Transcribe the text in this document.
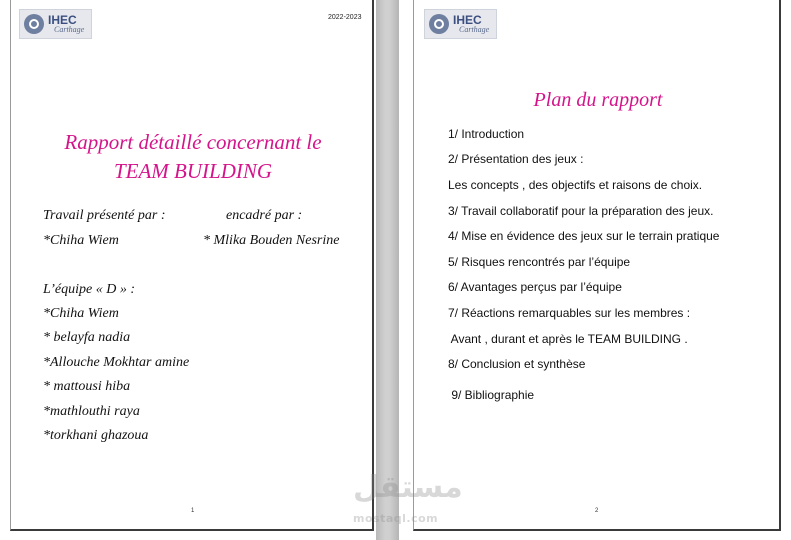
IHEC
Carthage
2022-2023
Rapport détaillé concernant le
TEAM BUILDING
Travail présenté par :	encadré par :
*Chiha Wiem	* Mlika Bouden Nesrine
L’équipe « D » :
*Chiha Wiem
* belayfa nadia
*Allouche Mokhtar amine
* mattousi hiba
*mathlouthi raya
*torkhani ghazoua
1
IHEC
Carthage
Plan du rapport
1/ Introduction
2/ Présentation des jeux :
Les concepts , des objectifs et raisons de choix.
3/ Travail collaboratif pour la préparation des jeux.
4/ Mise en évidence des jeux sur le terrain pratique
5/ Risques rencontrés par l’équipe
6/ Avantages perçus par l’équipe
7/ Réactions remarquables sur les membres :
Avant , durant et après le TEAM BUILDING .
8/ Conclusion et synthèse
9/ Bibliographie
2
مستقل
mostaql.com
